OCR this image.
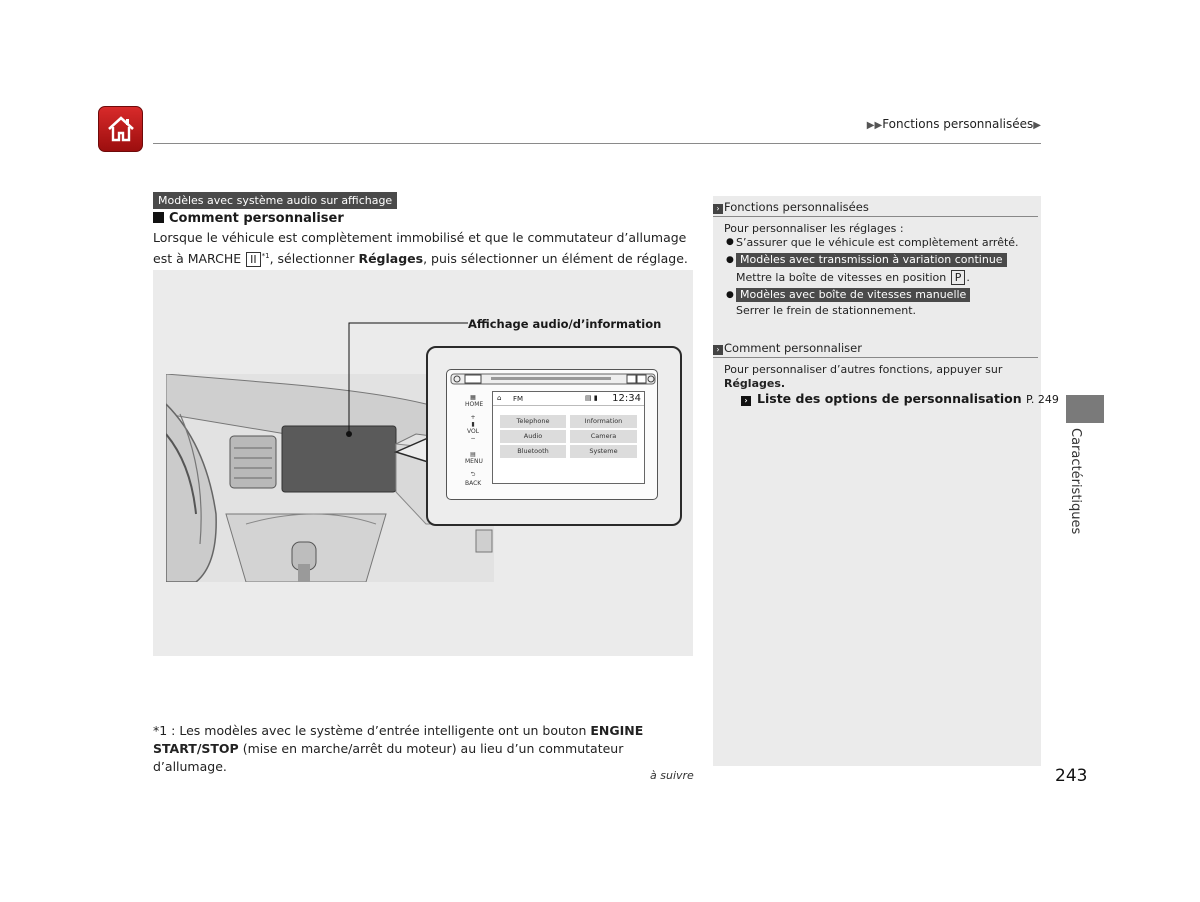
▶▶Fonctions personnalisées▶
Modèles avec système audio sur affichage
Comment personnaliser
Lorsque le véhicule est complètement immobilisé et que le commutateur d’allumage est à MARCHE II $^{*1}$, sélectionner Réglages, puis sélectionner un élément de réglage.
Affichage audio/d’information
▦
HOME
+
▮
VOL
−
▤
MENU
⮌
BACK
⌂ FM	▤ ▮ 12:34
Telephone	Information
Audio	Camera
Bluetooth	Systeme
*1 : Les modèles avec le système d’entrée intelligente ont un bouton ENGINE START/STOP (mise en marche/arrêt du moteur) au lieu d’un commutateur d’allumage.
à suivre	243
› Fonctions personnalisées
Pour personnaliser les réglages :
● S’assurer que le véhicule est complètement arrêté.
● Modèles avec transmission à variation continue
Mettre la boîte de vitesses en position P .
● Modèles avec boîte de vitesses manuelle
Serrer le frein de stationnement.
› Comment personnaliser
Pour personnaliser d’autres fonctions, appuyer sur
Réglages.
› Liste des options de personnalisation P. 249
Caractéristiques
